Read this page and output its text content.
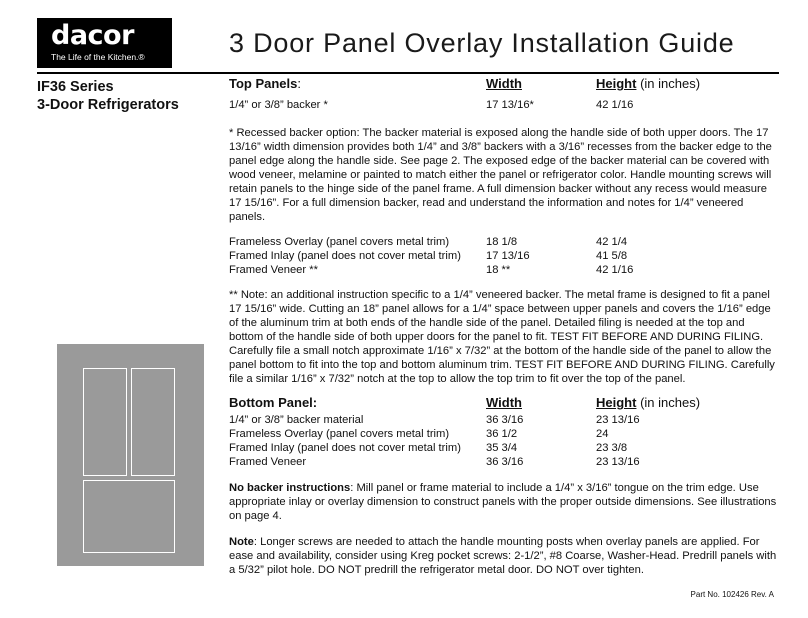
dacor
The Life of the Kitchen.®	3 Door Panel Overlay Installation Guide
IF36 Series
3-Door Refrigerators
Top Panels:	Width	Height (in inches)
1/4” or 3/8” backer *	17 13/16*	42 1/16

* Recessed backer option: The backer material is exposed along the handle side of both upper doors. The 17 13/16” width dimension provides both 1/4” and 3/8” backers with a 3/16” recesses from the backer edge to the panel edge along the handle side. See page 2. The exposed edge of the backer material can be covered with wood veneer, melamine or painted to match either the panel or refrigerator color. Handle mounting screws will retain panels to the hinge side of the panel frame. A full dimension backer without any recess would measure 17 15/16”. For a full dimension backer, read and understand the information and notes for 1/4” veneered panels.

Frameless Overlay (panel covers metal trim)	18 1/8	42 1/4
Framed Inlay (panel does not cover metal trim) 17 13/16	41 5/8
Framed Veneer **	18 **	42 1/16

** Note: an additional instruction specific to a 1/4” veneered backer. The metal frame is designed to fit a panel 17 15/16” wide. Cutting an 18” panel allows for a 1/4” space between upper panels and covers the 1/16” edge of the aluminum trim at both ends of the handle side of the panel. Detailed filing is needed at the top and bottom of the handle side of both upper doors for the panel to fit. TEST FIT BEFORE AND DURING FILING. Carefully file a small notch approximate 1/16” x 7/32” at the bottom of the handle side of the panel to allow the panel bottom to fit into the top and bottom aluminum trim. TEST FIT BEFORE AND DURING FILING. Carefully file a similar 1/16” x 7/32” notch at the top to allow the top trim to fit over the top of the panel.

Bottom Panel:	Width	Height (in inches)
1/4” or 3/8” backer material	36 3/16	23 13/16
Frameless Overlay (panel covers metal trim)	36 1/2	24
Framed Inlay (panel does not cover metal trim) 35 3/4	23 3/8
Framed Veneer	36 3/16	23 13/16

No backer instructions: Mill panel or frame material to include a 1/4” x 3/16” tongue on the trim edge. Use appropriate inlay or overlay dimension to construct panels with the proper outside dimensions. See illustrations on page 4.

Note: Longer screws are needed to attach the handle mounting posts when overlay panels are applied. For ease and availability, consider using Kreg pocket screws: 2-1/2”, #8 Coarse, Washer-Head. Predrill panels with a 5/32” pilot hole. DO NOT predrill the refrigerator metal door. DO NOT over tighten.

Part No. 102426 Rev. A
